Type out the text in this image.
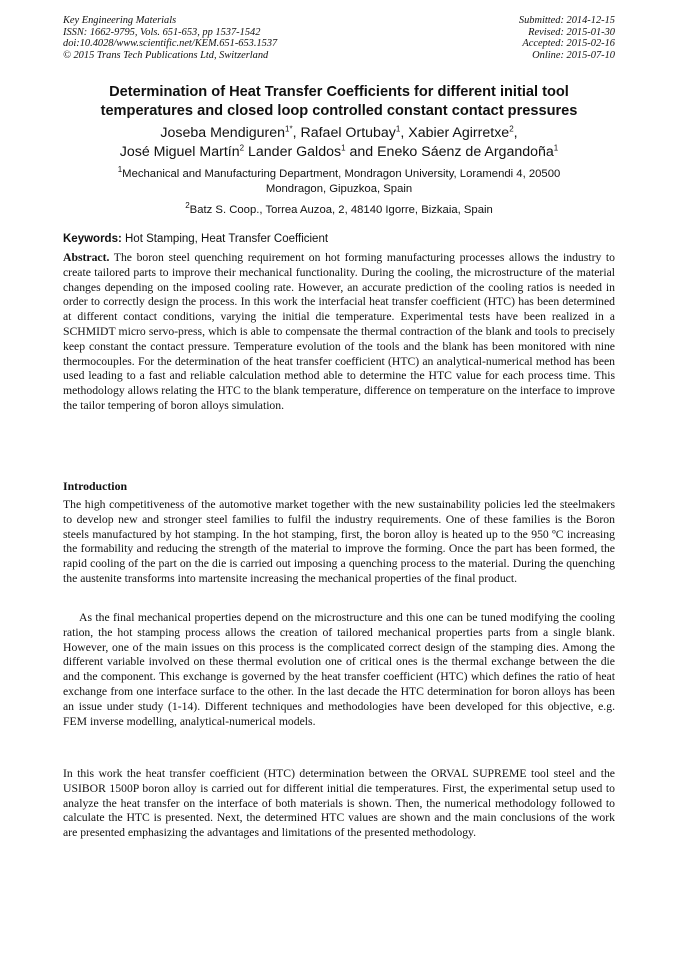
Key Engineering Materials
ISSN: 1662-9795, Vols. 651-653, pp 1537-1542
doi:10.4028/www.scientific.net/KEM.651-653.1537
© 2015 Trans Tech Publications Ltd, Switzerland
Submitted: 2014-12-15
Revised: 2015-01-30
Accepted: 2015-02-16
Online: 2015-07-10
Determination of Heat Transfer Coefficients for different initial tool
temperatures and closed loop controlled constant contact pressures
Joseba Mendiguren$^{1*}$, Rafael Ortubay$^1$, Xabier Agirretxe$^2$,
José Miguel Martín$^2$ Lander Galdos$^1$ and Eneko Sáenz de Argandoña$^1$
$^1$Mechanical and Manufacturing Department, Mondragon University, Loramendi 4, 20500
Mondragon, Gipuzkoa, Spain
$^2$Batz S. Coop., Torrea Auzoa, 2, 48140 Igorre, Bizkaia, Spain
Keywords: Hot Stamping, Heat Transfer Coefficient
Abstract. The boron steel quenching requirement on hot forming manufacturing processes allows the industry to create tailored parts to improve their mechanical functionality. During the cooling, the microstructure of the material changes depending on the imposed cooling rate. However, an accurate prediction of the cooling ratios is needed in order to correctly design the process. In this work the interfacial heat transfer coefficient (HTC) has been determined at different contact conditions, varying the initial die temperature. Experimental tests have been realized in a SCHMIDT micro servo-press, which is able to compensate the thermal contraction of the blank and tools to precisely keep constant the contact pressure. Temperature evolution of the tools and the blank has been monitored with nine thermocouples. For the determination of the heat transfer coefficient (HTC) an analytical-numerical method has been used leading to a fast and reliable calculation method able to determine the HTC value for each process time. This methodology allows relating the HTC to the blank temperature, difference on temperature on the interface to improve the tailor tempering of boron alloys simulation.
Introduction
The high competitiveness of the automotive market together with the new sustainability policies led the steelmakers to develop new and stronger steel families to fulfil the industry requirements. One of these families is the Boron steels manufactured by hot stamping. In the hot stamping, first, the boron alloy is heated up to the 950 ºC increasing the formability and reducing the strength of the material to improve the forming. Once the part has been formed, the rapid cooling of the part on the die is carried out imposing a quenching process to the material. During the quenching the austenite transforms into martensite increasing the mechanical properties of the final product.
As the final mechanical properties depend on the microstructure and this one can be tuned modifying the cooling ration, the hot stamping process allows the creation of tailored mechanical properties parts from a single blank. However, one of the main issues on this process is the complicated correct design of the stamping dies. Among the different variable involved on these thermal evolution one of critical ones is the thermal exchange between the die and the component. This exchange is governed by the heat transfer coefficient (HTC) which defines the ratio of heat exchange from one interface surface to the other. In the last decade the HTC determination for boron alloys has been an issue under study (1-14). Different techniques and methodologies have been developed for this objective, e.g. FEM inverse modelling, analytical-numerical models.
In this work the heat transfer coefficient (HTC) determination between the ORVAL SUPREME tool steel and the USIBOR 1500P boron alloy is carried out for different initial die temperatures. First, the experimental setup used to analyze the heat transfer on the interface of both materials is shown. Then, the numerical methodology followed to calculate the HTC is presented. Next, the determined HTC values are shown and the main conclusions of the work are presented emphasizing the advantages and limitations of the presented methodology.
